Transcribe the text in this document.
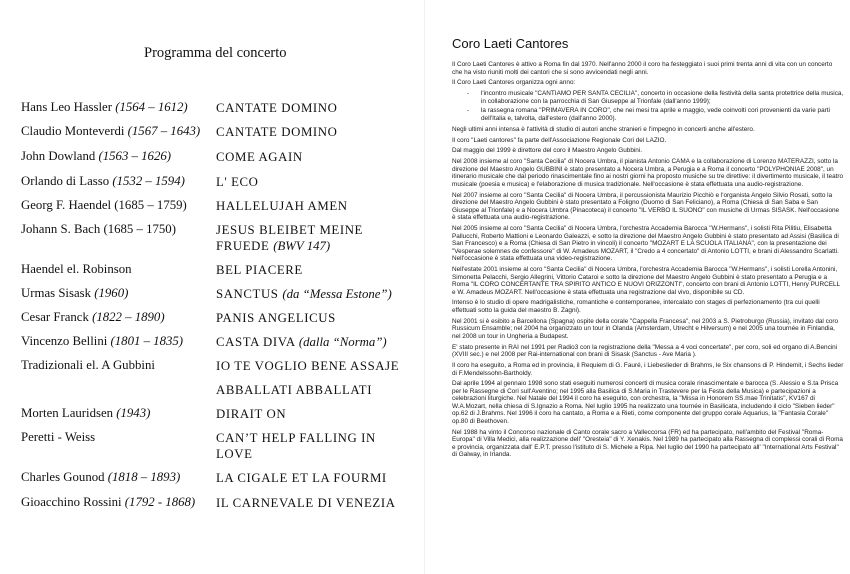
Programma del concerto
Hans Leo Hassler (1564 – 1612) CANTATE DOMINO
Claudio Monteverdi (1567 – 1643) CANTATE DOMINO
John Dowland (1563 – 1626)	COME AGAIN
Orlando di Lasso (1532 – 1594) L' ECO
Georg F. Haendel (1685 – 1759) HALLELUJAH AMEN
Johann S. Bach (1685 – 1750)	JESUS BLEIBET MEINE FRUEDE (BWV 147)
Haendel el. Robinson	BEL PIACERE
Urmas Sisask (1960)	SANCTUS (da “Messa Estone”)
Cesar Franck (1822 – 1890)	PANIS ANGELICUS
Vincenzo Bellini (1801 – 1835)	CASTA DIVA (dalla “Norma”)
Tradizionali el. A Gubbini	IO TE VOGLIO BENE ASSAJE
ABBALLATI ABBALLATI
Morten Lauridsen (1943)	DIRAIT ON
Peretti - Weiss	CAN’T HELP FALLING IN LOVE
Charles Gounod (1818 – 1893)	LA CIGALE ET LA FOURMI
Gioacchino Rossini (1792 - 1868) IL CARNEVALE DI VENEZIA
Coro Laeti Cantores

Il Coro Laeti Cantores è attivo a Roma fin dal 1970. Nell'anno 2000 il coro ha festeggiato i suoi primi trenta anni di vita con un concerto che ha visto riuniti molti dei cantori che si sono avvicendati negli anni.

Il Coro Laeti Cantores organizza ogni anno:

- l'incontro musicale "CANTIAMO PER SANTA CECILIA", concerto in occasione della festività della santa protettrice della musica, in collaborazione con la parrocchia di San Giuseppe al Trionfale (dall'anno 1999);
- la rassegna romana "PRIMAVERA IN CORO", che nei mesi tra aprile e maggio, vede coinvolti cori provenienti da varie parti dell'Italia e, talvolta, dall'estero (dall'anno 2000).

Negli ultimi anni intensa è l'attività di studio di autori anche stranieri e l'impegno in concerti anche all'estero.

Il coro "Laeti cantores" fa parte dell'Associazione Regionale Cori del LAZIO.

Dal maggio del 1999 è direttore del coro il Maestro Angelo Gubbini.

Nel 2008 insieme al coro "Santa Cecilia" di Nocera Umbra, il pianista Antonio CAMA e la collaborazione di Lorenzo MATERAZZI, sotto la direzione del Maestro Angelo GUBBINI è stato presentato a Nocera Umbra, a Perugia e a Roma il concerto "POLYPHONIAE 2008", un itinerario musicale che dal periodo rinascimentale fino ai nostri giorni ha proposto musiche su tre direttive: il divertimento musicale, il teatro musicale (poesia e musica) e l'elaborazione di musica tradizionale. Nell'occasione è stata effettuata una audio-registrazione.

Nel 2007 insieme al coro "Santa Cecilia" di Nocera Umbra, il percussionista Maurizio Picchiò e l'organista Angelo Silvio Rosati, sotto la direzione del Maestro Angelo Gubbini è stato presentato a Foligno (Duomo di San Feliciano), a Roma (Chiesa di San Saba e San Giuseppe al Trionfale) e a Nocera Umbra (Pinacoteca) il concerto "IL VERBO IL SUONO" con musiche di Urmas SISASK. Nell'occasione è stata effettuata una audio-registrazione.

Nel 2005 insieme al coro "Santa Cecilia" di Nocera Umbra, l'orchestra Accademia Barocca "W.Hermans", i solisti Rita Pilitiu, Elisabetta Pallucchi, Roberto Mattioni e Leonardo Galeazzi, e sotto la direzione del Maestro Angelo Gubbini è stato presentato ad Assisi (Basilica di San Francesco) e a Roma (Chiesa di San Pietro in vincoli) il concerto "MOZART E LA SCUOLA ITALIANA", con la presentazione dei "Vesperae solemnes de confessore" di W. Amadeus MOZART, il "Credo a 4 concertato" di Antonio LOTTI, e brani di Alessandro Scarlatti. Nell'occasione è stata effettuata una video-registrazione.

Nell'estate 2001 insieme al coro "Santa Cecilia" di Nocera Umbra, l'orchestra Accademia Barocca "W.Hermans", i solisti Lorella Antonini, Simonetta Pelacchi, Sergio Allegrini, Vittorio Cataroi e sotto la direzione del Maestro Angelo Gubbini è stato presentato a Perugia e a Roma "IL CORO CONCERTANTE TRA SPIRITO ANTICO E NUOVI ORIZZONTI", concerto con brani di Antonio LOTTI, Henry PURCELL e W. Amadeus MOZART. Nell'occasione è stata effettuata una registrazione dal vivo, disponibile su CD.

Intenso è lo studio di opere madrigalistiche, romantiche e contemporanee, intercalato con stages di perfezionamento (tra cui quelli effettuati sotto la guida del maestro B. Zagni).

Nel 2001 si è esibito a Barcellona (Spagna) ospite della corale "Cappella Francesa", nel 2003 a S. Pietroburgo (Russia), invitato dal coro Russicum Ensamble; nel 2004 ha organizzato un tour in Olanda (Amsterdam, Utrecht e Hilversum) e nel 2005 una tournée in Finlandia, nel 2008 un tour in Ungheria a Budapest.

E' stato presente in RAI nel 1991 per Radio3 con la registrazione della "Messa a 4 voci concertate", per coro, soli ed organo di A.Bencini (XVIII sec.) e nel 2008 per Rai-international con brani di Sisask (Sanctus - Ave Maria ).

Il coro ha eseguito, a Roma ed in provincia, il Requiem di G. Fauré, i Liebeslieder di Brahms, le Six chansons di P. Hindemit, i Sechs lieder di F.Mendelssohn-Bartholdy.

Dal aprile 1994 al gennaio 1998 sono stati eseguiti numerosi concerti di musica corale rinascimentale e barocca (S. Alessio e S.ta Prisca per le Rassegne di Cori sull'Aventino; nel 1995 alla Basilica di S.Maria in Trastevere per la Festa della Musica) e partecipazioni a celebrazioni liturgiche. Nel Natale del 1994 il coro ha eseguito, con orchestra, la "Missa in Honorem SS.mae Trinitatis", KV167 di W.A.Mozart, nella chiesa di S.Ignazio a Roma. Nel luglio 1995 ha realizzato una tournée in Basilicata, includendo il ciclo "Sieben lieder" op.62 di J.Brahms. Nel 1996 il coro ha cantato, a Roma e a Rieti, come componente del gruppo corale Aquarius, la "Fantasia Corale" op.80 di Beethoven.

Nel 1988 ha vinto il Concorso nazionale di Canto corale sacro a Valleccorsa (FR) ed ha partecipato, nell'ambito del Festival "Roma-Europa" di Villa Medici, alla realizzazione dell' "Oresteia" di Y. Xenakis. Nel 1989 ha partecipato alla Rassegna di complessi corali di Roma e provincia, organizzata dall' E.P.T. presso l'istituto di S. Michele a Ripa. Nel luglio del 1990 ha partecipato all' "International Arts Festival" di Galway, in Irlanda.
